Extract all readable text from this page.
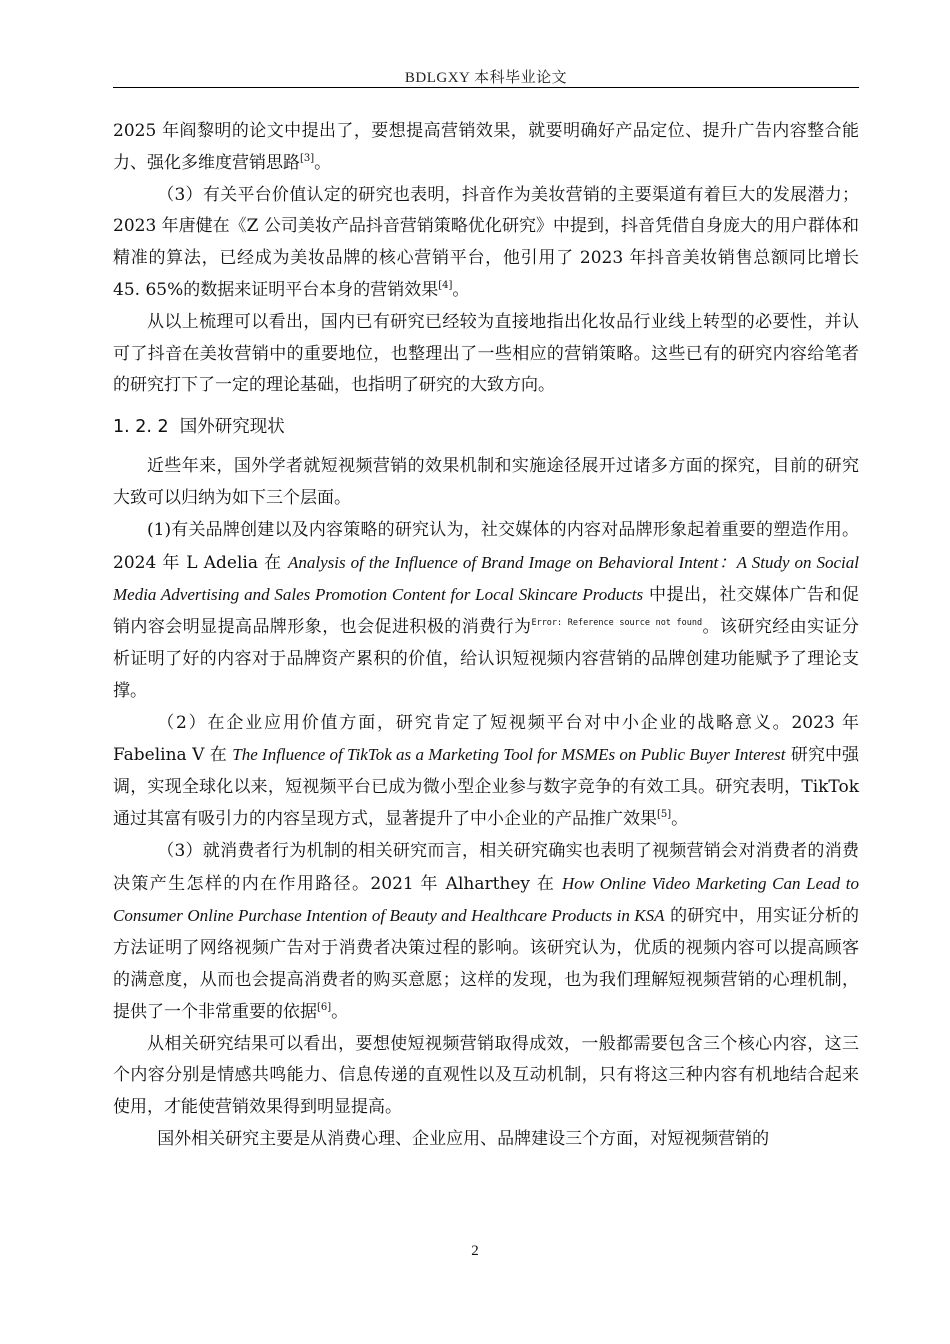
BDLGXY 本科毕业论文

2025 年阎黎明的论文中提出了，要想提高营销效果，就要明确好产品定位、提升广告内容整合能力、强化多维度营销思路[3]。

（3）有关平台价值认定的研究也表明，抖音作为美妆营销的主要渠道有着巨大的发展潜力；2023 年唐健在《Z 公司美妆产品抖音营销策略优化研究》中提到，抖音凭借自身庞大的用户群体和精准的算法，已经成为美妆品牌的核心营销平台，他引用了 2023 年抖音美妆销售总额同比增长 45. 65%的数据来证明平台本身的营销效果[4]。

从以上梳理可以看出，国内已有研究已经较为直接地指出化妆品行业线上转型的必要性，并认可了抖音在美妆营销中的重要地位，也整理出了一些相应的营销策略。这些已有的研究内容给笔者的研究打下了一定的理论基础，也指明了研究的大致方向。

1. 2. 2 国外研究现状

近些年来，国外学者就短视频营销的效果机制和实施途径展开过诸多方面的探究，目前的研究大致可以归纳为如下三个层面。

(1)有关品牌创建以及内容策略的研究认为，社交媒体的内容对品牌形象起着重要的塑造作用。2024 年 L Adelia 在 Analysis of the Influence of Brand Image on Behavioral Intent：A Study on Social Media Advertising and Sales Promotion Content for Local Skincare Products 中提出，社交媒体广告和促销内容会明显提高品牌形象，也会促进积极的消费行为$^{Error: Reference source not found}$。该研究经由实证分析证明了好的内容对于品牌资产累积的价值，给认识短视频内容营销的品牌创建功能赋予了理论支撑。

（2）在企业应用价值方面，研究肯定了短视频平台对中小企业的战略意义。2023 年 Fabelina V 在 The Influence of TikTok as a Marketing Tool for MSMEs on Public Buyer Interest 研究中强调，实现全球化以来，短视频平台已成为微小型企业参与数字竞争的有效工具。研究表明，TikTok 通过其富有吸引力的内容呈现方式，显著提升了中小企业的产品推广效果[5]。

（3）就消费者行为机制的相关研究而言，相关研究确实也表明了视频营销会对消费者的消费决策产生怎样的内在作用路径。2021 年 Alharthey 在 How Online Video Marketing Can Lead to Consumer Online Purchase Intention of Beauty and Healthcare Products in KSA 的研究中，用实证分析的方法证明了网络视频广告对于消费者决策过程的影响。该研究认为，优质的视频内容可以提高顾客的满意度，从而也会提高消费者的购买意愿；这样的发现，也为我们理解短视频营销的心理机制，提供了一个非常重要的依据[6]。

从相关研究结果可以看出，要想使短视频营销取得成效，一般都需要包含三个核心内容，这三个内容分别是情感共鸣能力、信息传递的直观性以及互动机制，只有将这三种内容有机地结合起来使用，才能使营销效果得到明显提高。

国外相关研究主要是从消费心理、企业应用、品牌建设三个方面，对短视频营销的

2
